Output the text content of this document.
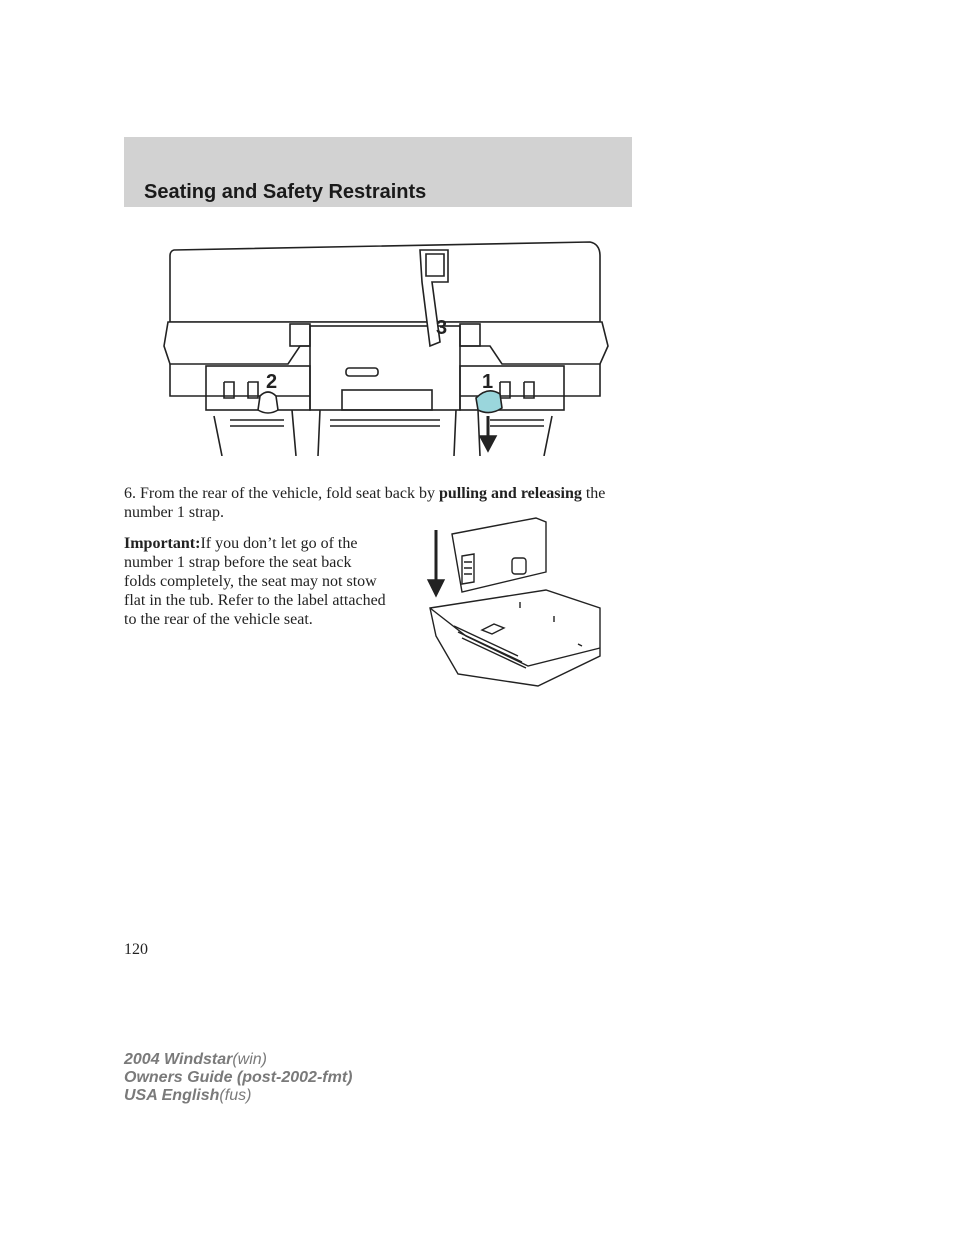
Seating and Safety Restraints
3
2	1
6. From the rear of the vehicle, fold seat back by pulling and releasing the number 1 strap.
Important:If you don’t let go of the number 1 strap before the seat back folds completely, the seat may not stow flat in the tub. Refer to the label attached to the rear of the vehicle seat.
120
2004 Windstar(win)
Owners Guide (post-2002-fmt)
USA English(fus)
